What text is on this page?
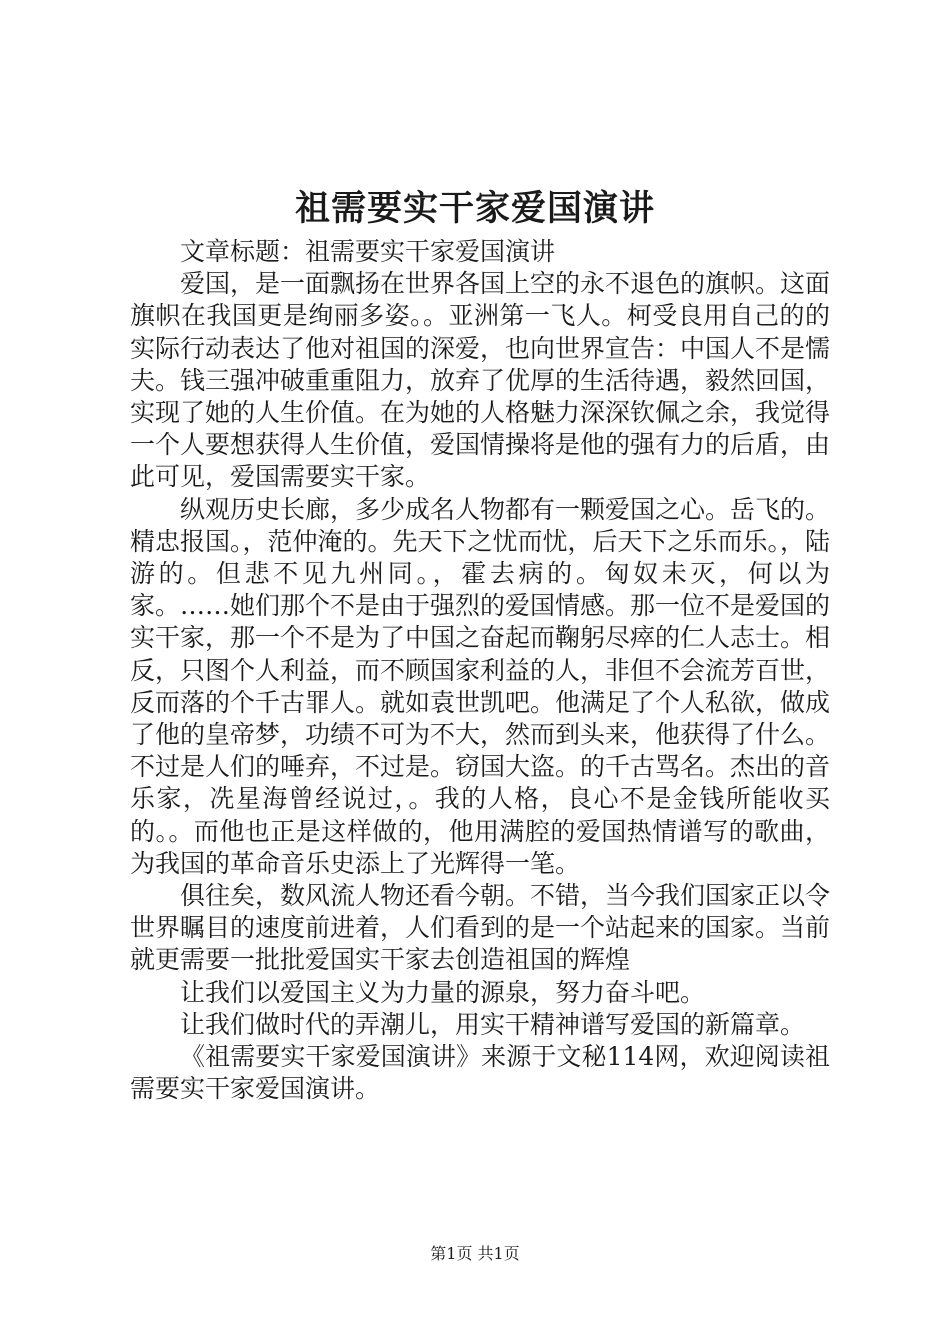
祖需要实干家爱国演讲

文章标题：祖需要实干家爱国演讲

爱国，是一面飘扬在世界各国上空的永不退色的旗帜。这面旗帜在我国更是绚丽多姿。。亚洲第一飞人。柯受良用自己的的实际行动表达了他对祖国的深爱，也向世界宣告：中国人不是懦夫。钱三强冲破重重阻力，放弃了优厚的生活待遇，毅然回国，实现了她的人生价值。在为她的人格魅力深深钦佩之余，我觉得一个人要想获得人生价值，爱国情操将是他的强有力的后盾，由此可见，爱国需要实干家。

纵观历史长廊，多少成名人物都有一颗爱国之心。岳飞的。精忠报国。，范仲淹的。先天下之忧而忧，后天下之乐而乐。，陆游的。但悲不见九州同。，霍去病的。匈奴未灭，何以为家。……她们那个不是由于强烈的爱国情感。那一位不是爱国的实干家，那一个不是为了中国之奋起而鞠躬尽瘁的仁人志士。相反，只图个人利益，而不顾国家利益的人，非但不会流芳百世，反而落的个千古罪人。就如袁世凯吧。他满足了个人私欲，做成了他的皇帝梦，功绩不可为不大，然而到头来，他获得了什么。不过是人们的唾弃，不过是。窃国大盗。的千古骂名。杰出的音乐家，冼星海曾经说过，。我的人格，良心不是金钱所能收买的。。而他也正是这样做的，他用满腔的爱国热情谱写的歌曲，为我国的革命音乐史添上了光辉得一笔。

俱往矣，数风流人物还看今朝。不错，当今我们国家正以令世界瞩目的速度前进着，人们看到的是一个站起来的国家。当前就更需要一批批爱国实干家去创造祖国的辉煌

让我们以爱国主义为力量的源泉，努力奋斗吧。

让我们做时代的弄潮儿，用实干精神谱写爱国的新篇章。

《祖需要实干家爱国演讲》来源于文秘114网，欢迎阅读祖需要实干家爱国演讲。

第1页 共1页
